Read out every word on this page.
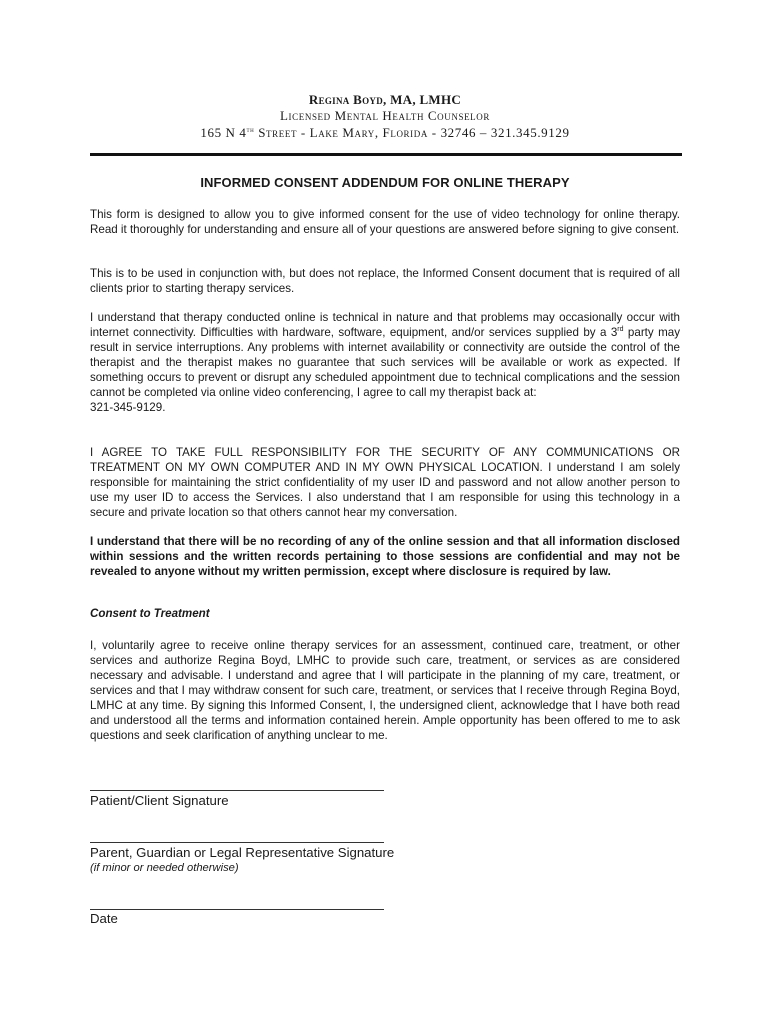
Regina Boyd, MA, LMHC
Licensed Mental Health Counselor
165 N 4th Street - Lake Mary, Florida - 32746 – 321.345.9129
INFORMED CONSENT ADDENDUM FOR ONLINE THERAPY
This form is designed to allow you to give informed consent for the use of video technology for online therapy. Read it thoroughly for understanding and ensure all of your questions are answered before signing to give consent.
This is to be used in conjunction with, but does not replace, the Informed Consent document that is required of all clients prior to starting therapy services.
I understand that therapy conducted online is technical in nature and that problems may occasionally occur with internet connectivity. Difficulties with hardware, software, equipment, and/or services supplied by a 3rd party may result in service interruptions. Any problems with internet availability or connectivity are outside the control of the therapist and the therapist makes no guarantee that such services will be available or work as expected. If something occurs to prevent or disrupt any scheduled appointment due to technical complications and the session cannot be completed via online video conferencing, I agree to call my therapist back at:
321-345-9129.
I AGREE TO TAKE FULL RESPONSIBILITY FOR THE SECURITY OF ANY COMMUNICATIONS OR TREATMENT ON MY OWN COMPUTER AND IN MY OWN PHYSICAL LOCATION. I understand I am solely responsible for maintaining the strict confidentiality of my user ID and password and not allow another person to use my user ID to access the Services. I also understand that I am responsible for using this technology in a secure and private location so that others cannot hear my conversation.
I understand that there will be no recording of any of the online session and that all information disclosed within sessions and the written records pertaining to those sessions are confidential and may not be revealed to anyone without my written permission, except where disclosure is required by law.
Consent to Treatment
I, voluntarily agree to receive online therapy services for an assessment, continued care, treatment, or other services and authorize Regina Boyd, LMHC to provide such care, treatment, or services as are considered necessary and advisable. I understand and agree that I will participate in the planning of my care, treatment, or services and that I may withdraw consent for such care, treatment, or services that I receive through Regina Boyd, LMHC at any time. By signing this Informed Consent, I, the undersigned client, acknowledge that I have both read and understood all the terms and information contained herein. Ample opportunity has been offered to me to ask questions and seek clarification of anything unclear to me.
Patient/Client Signature
Parent, Guardian or Legal Representative Signature
(if minor or needed otherwise)
Date
